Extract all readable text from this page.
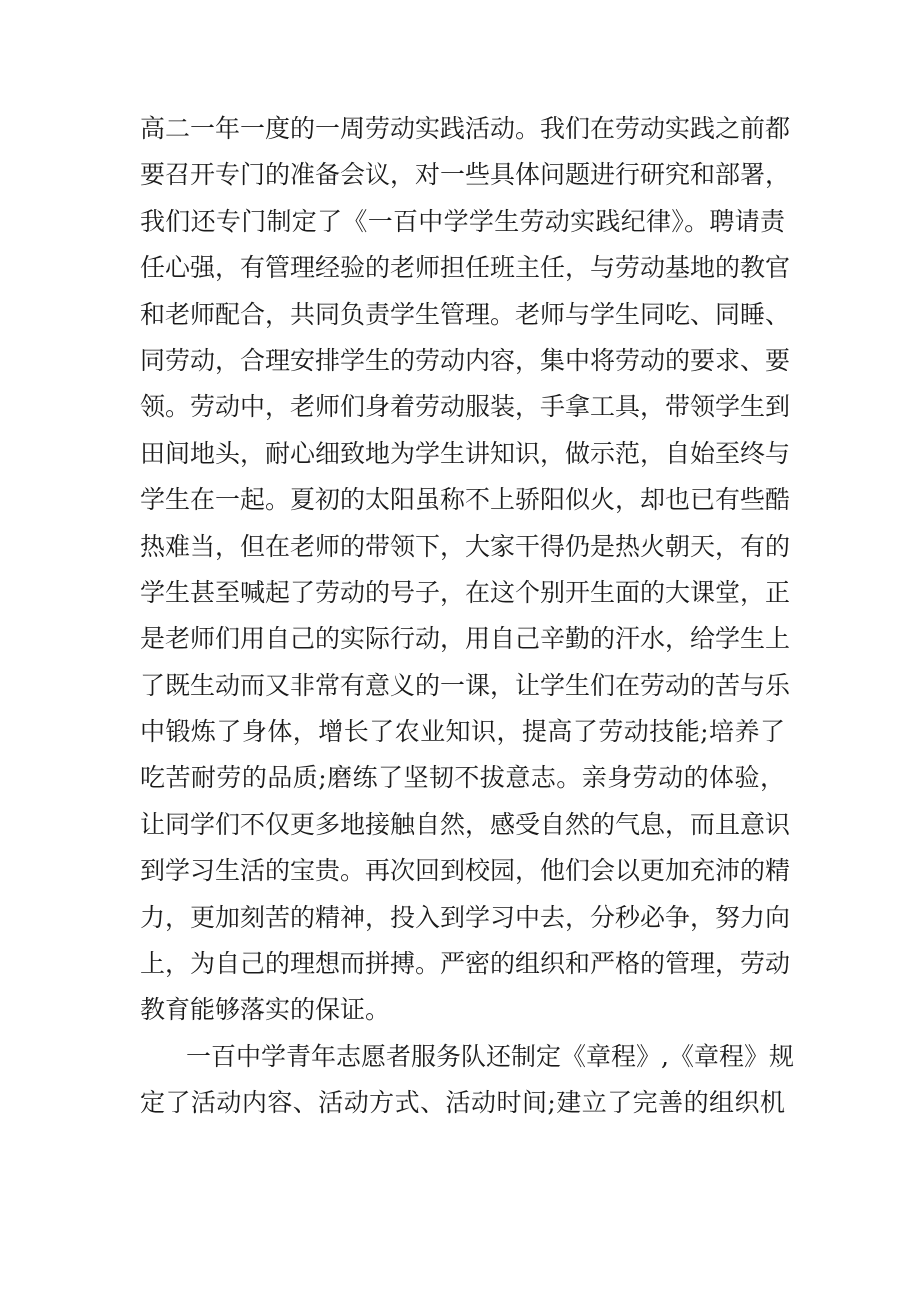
高二一年一度的一周劳动实践活动。我们在劳动实践之前都
要召开专门的准备会议，对一些具体问题进行研究和部署，
我们还专门制定了《一百中学学生劳动实践纪律》。聘请责
任心强，有管理经验的老师担任班主任，与劳动基地的教官
和老师配合，共同负责学生管理。老师与学生同吃、同睡、
同劳动，合理安排学生的劳动内容，集中将劳动的要求、要
领。劳动中，老师们身着劳动服装，手拿工具，带领学生到
田间地头，耐心细致地为学生讲知识，做示范，自始至终与
学生在一起。夏初的太阳虽称不上骄阳似火，却也已有些酷
热难当，但在老师的带领下，大家干得仍是热火朝天，有的
学生甚至喊起了劳动的号子，在这个别开生面的大课堂，正
是老师们用自己的实际行动，用自己辛勤的汗水，给学生上
了既生动而又非常有意义的一课，让学生们在劳动的苦与乐
中锻炼了身体，增长了农业知识，提高了劳动技能;培养了
吃苦耐劳的品质;磨练了坚韧不拔意志。亲身劳动的体验，
让同学们不仅更多地接触自然，感受自然的气息，而且意识
到学习生活的宝贵。再次回到校园，他们会以更加充沛的精
力，更加刻苦的精神，投入到学习中去，分秒必争，努力向
上，为自己的理想而拼搏。严密的组织和严格的管理，劳动
教育能够落实的保证。
一百中学青年志愿者服务队还制定《章程》,《章程》规
定了活动内容、活动方式、活动时间;建立了完善的组织机
